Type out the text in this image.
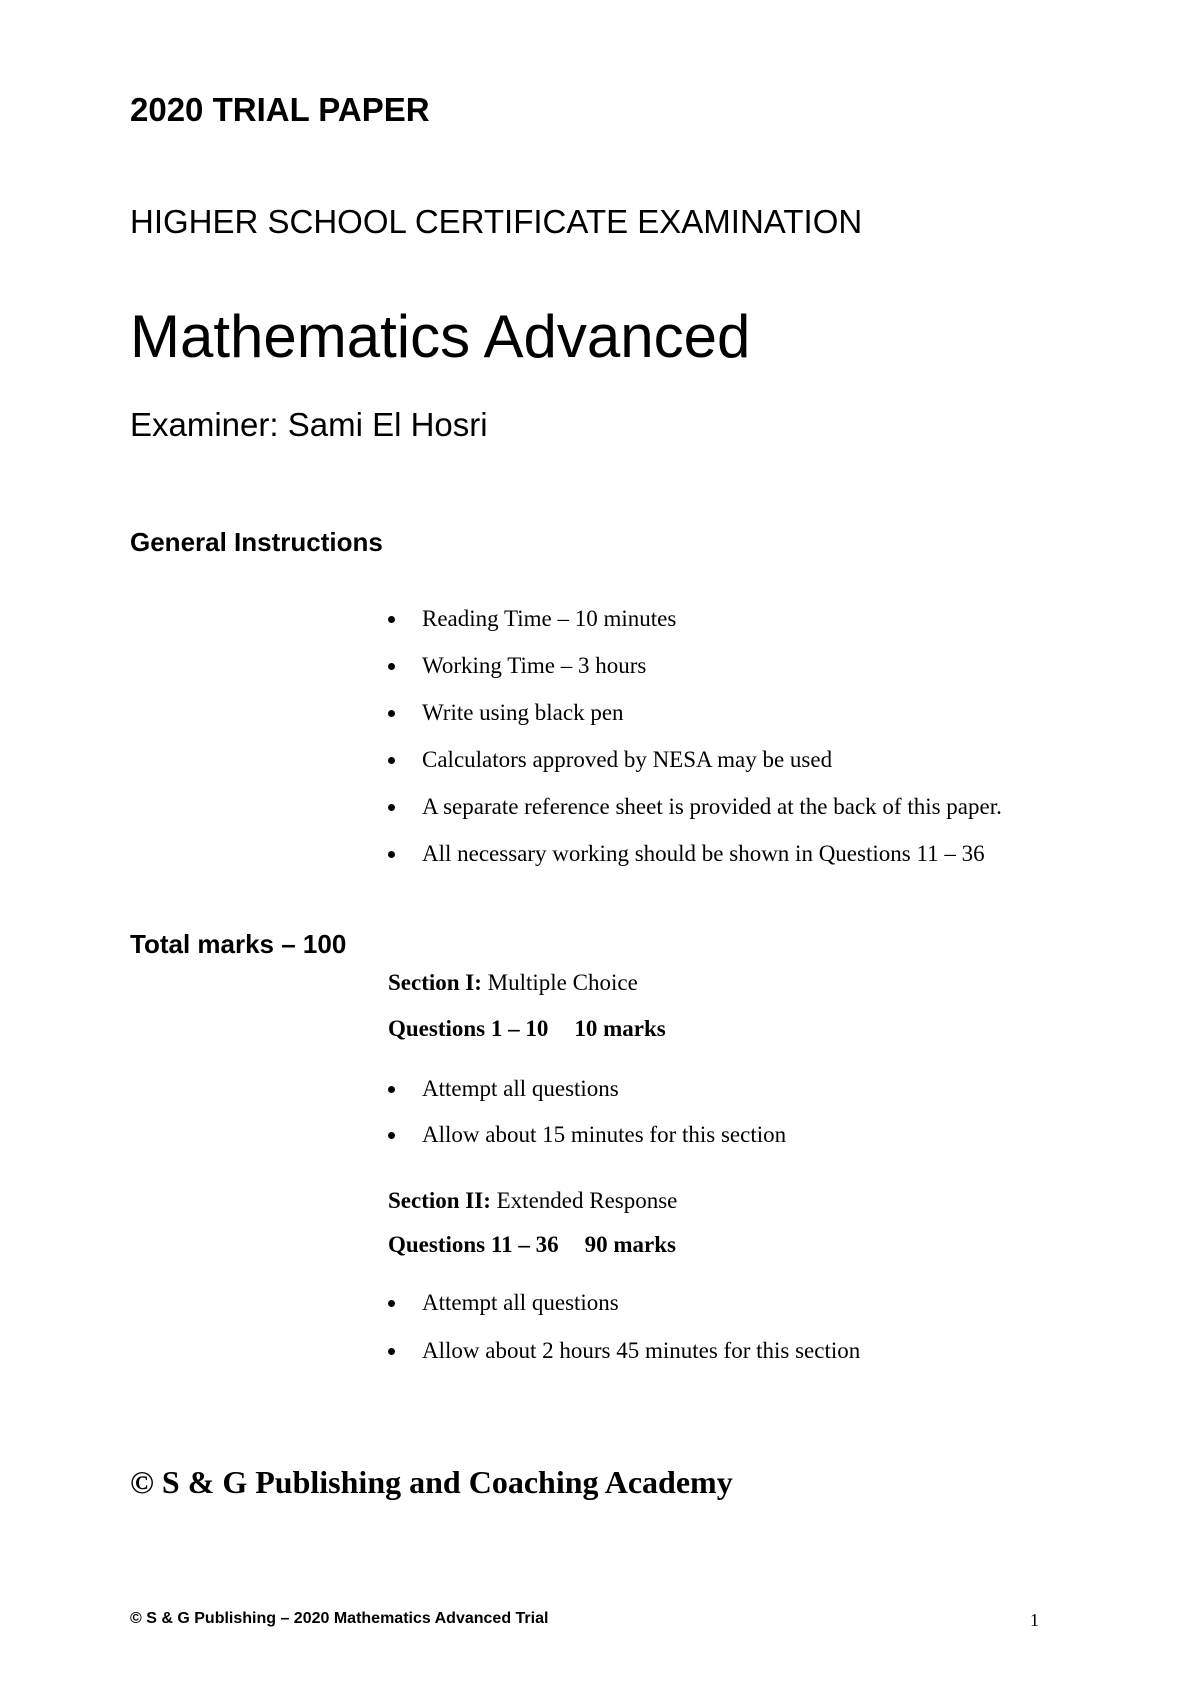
2020 TRIAL PAPER
HIGHER SCHOOL CERTIFICATE EXAMINATION
Mathematics Advanced
Examiner: Sami El Hosri
General Instructions
Reading Time – 10 minutes
Working Time – 3 hours
Write using black pen
Calculators approved by NESA may be used
A separate reference sheet is provided at the back of this paper.
All necessary working should be shown in Questions 11 – 36
Total marks – 100
Section I: Multiple Choice
Questions 1 – 10 10 marks
Attempt all questions
Allow about 15 minutes for this section
Section II: Extended Response
Questions 11 – 36 90 marks
Attempt all questions
Allow about 2 hours 45 minutes for this section
© S & G Publishing and Coaching Academy
© S & G Publishing – 2020 Mathematics Advanced Trial	1
